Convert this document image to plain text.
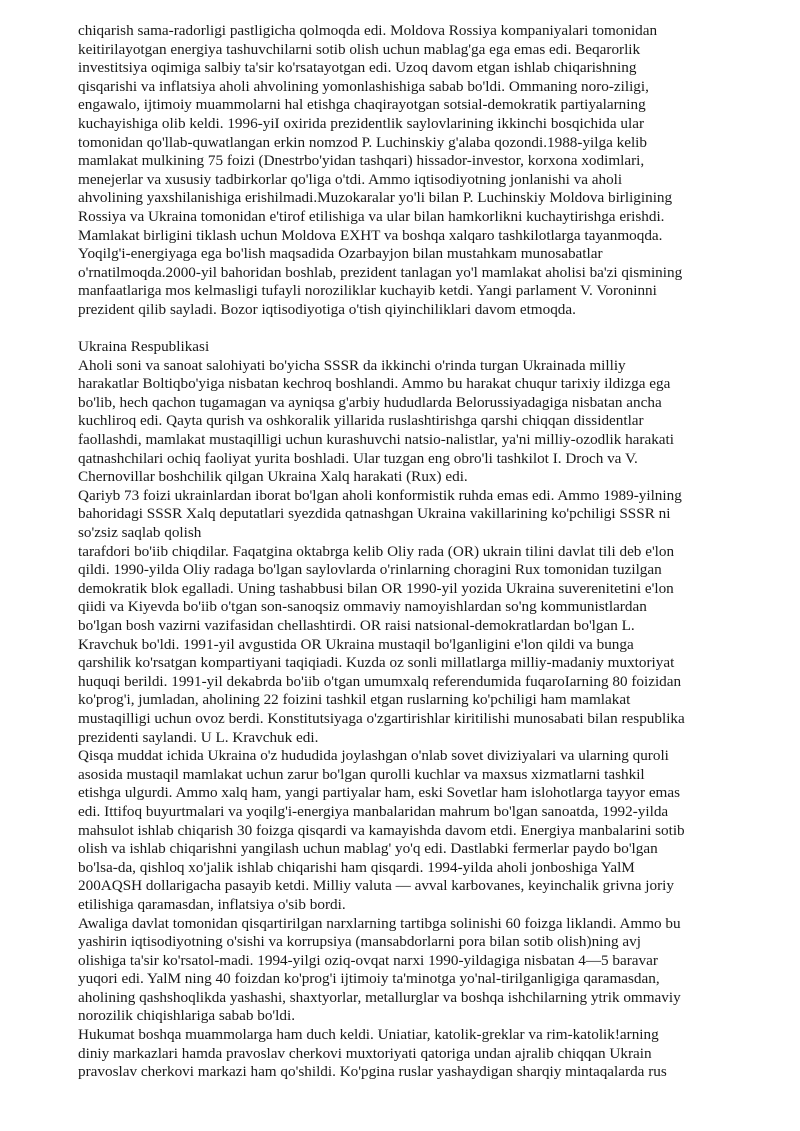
chiqarish sama-radorligi pastligicha qolmoqda edi. Moldova Rossiya kompaniyalari tomonidan
keitirilayotgan energiya tashuvchilarni sotib olish uchun mablag'ga ega emas edi. Beqarorlik
investitsiya oqimiga salbiy ta'sir ko'rsatayotgan edi. Uzoq davom etgan ishlab chiqarishning
qisqarishi va inflatsiya aholi ahvolining yomonlashishiga sabab bo'ldi. Ommaning noro-ziligi,
engawalo, ijtimoiy muammolarni hal etishga chaqirayotgan sotsial-demokratik partiyalarning
kuchayishiga olib keldi. 1996-yiI oxirida prezidentlik saylovlarining ikkinchi bosqichida ular
tomonidan qo'llab-quwatlangan erkin nomzod P. Luchinskiy g'alaba qozondi.1988-yilga kelib
mamlakat mulkining 75 foizi (Dnestrbo'yidan tashqari) hissador-investor, korxona xodimlari,
menejerlar va xususiy tadbirkorlar qo'liga o'tdi. Ammo iqtisodiyotning jonlanishi va aholi
ahvolining yaxshilanishiga erishilmadi.Muzokaralar yo'li bilan P. Luchinskiy Moldova birligining
Rossiya va Ukraina tomonidan e'tirof etilishiga va ular bilan hamkorlikni kuchaytirishga erishdi.
Mamlakat birligini tiklash uchun Moldova EXHT va boshqa xalqaro tashkilotlarga tayanmoqda.
Yoqilg'i-energiyaga ega bo'lish maqsadida Ozarbayjon bilan mustahkam munosabatlar
o'rnatilmoqda.2000-yil bahoridan boshlab, prezident tanlagan yo'l mamlakat aholisi ba'zi qismining
manfaatlariga mos kelmasligi tufayli noroziliklar kuchayib ketdi. Yangi parlament V. Voroninni
prezident qilib sayladi. Bozor iqtisodiyotiga o'tish qiyinchiliklari davom etmoqda.
Ukraina Respublikasi
Aholi soni va sanoat salohiyati bo'yicha SSSR da ikkinchi o'rinda turgan Ukrainada milliy
harakatlar Boltiqbo'yiga nisbatan kechroq boshlandi. Ammo bu harakat chuqur tarixiy ildizga ega
bo'lib, hech qachon tugamagan va ayniqsa g'arbiy hududlarda Belorussiyadagiga nisbatan ancha
kuchliroq edi. Qayta qurish va oshkoralik yillarida ruslashtirishga qarshi chiqqan dissidentlar
faollashdi, mamlakat mustaqilligi uchun kurashuvchi natsio-nalistlar, ya'ni milliy-ozodlik harakati
qatnashchilari ochiq faoliyat yurita boshladi. Ular tuzgan eng obro'li tashkilot I. Droch va V.
Chernovillar boshchilik qilgan Ukraina Xalq harakati (Rux) edi.
Qariyb 73 foizi ukrainlardan iborat bo'lgan aholi konformistik ruhda emas edi. Ammo 1989-yilning
bahoridagi SSSR Xalq deputatlari syezdida qatnashgan Ukraina vakillarining ko'pchiligi SSSR ni
so'zsiz saqlab qolish
tarafdori bo'iib chiqdilar. Faqatgina oktabrga kelib Oliy rada (OR) ukrain tilini davlat tili deb e'lon
qildi. 1990-yilda Oliy radaga bo'lgan saylovlarda o'rinlarning choragini Rux tomonidan tuzilgan
demokratik blok egalladi. Uning tashabbusi bilan OR 1990-yil yozida Ukraina suverenitetini e'lon
qiidi va Kiyevda bo'iib o'tgan son-sanoqsiz ommaviy namoyishlardan so'ng kommunistlardan
bo'lgan bosh vazirni vazifasidan chellashtirdi. OR raisi natsional-demokratlardan bo'lgan L.
Kravchuk bo'ldi. 1991-yil avgustida OR Ukraina mustaqil bo'lganligini e'lon qildi va bunga
qarshilik ko'rsatgan kompartiyani taqiqiadi. Kuzda oz sonli millatlarga milliy-madaniy muxtoriyat
huquqi berildi. 1991-yil dekabrda bo'iib o'tgan umumxalq referendumida fuqaroIarning 80 foizidan
ko'prog'i, jumladan, aholining 22 foizini tashkil etgan ruslarning ko'pchiligi ham mamlakat
mustaqilligi uchun ovoz berdi. Konstitutsiyaga o'zgartirishlar kiritilishi munosabati bilan respublika
prezidenti saylandi. U L. Kravchuk edi.
Qisqa muddat ichida Ukraina o'z hududida joylashgan o'nlab sovet diviziyalari va ularning quroli
asosida mustaqil mamlakat uchun zarur bo'lgan qurolli kuchlar va maxsus xizmatlarni tashkil
etishga ulgurdi. Ammo xalq ham, yangi partiyalar ham, eski Sovetlar ham islohotlarga tayyor emas
edi. Ittifoq buyurtmalari va yoqilg'i-energiya manbalaridan mahrum bo'lgan sanoatda, 1992-yilda
mahsulot ishlab chiqarish 30 foizga qisqardi va kamayishda davom etdi. Energiya manbalarini sotib
olish va ishlab chiqarishni yangilash uchun mablag' yo'q edi. Dastlabki fermerlar paydo bo'lgan
bo'lsa-da, qishloq xo'jalik ishlab chiqarishi ham qisqardi. 1994-yilda aholi jonboshiga YalM
200AQSH dollarigacha pasayib ketdi. Milliy valuta — avval karbovanes, keyinchalik grivna joriy
etilishiga qaramasdan, inflatsiya o'sib bordi.
Awaliga davlat tomonidan qisqartirilgan narxlarning tartibga solinishi 60 foizga liklandi. Ammo bu
yashirin iqtisodiyotning o'sishi va korrupsiya (mansabdorlarni pora bilan sotib olish)ning avj
olishiga ta'sir ko'rsatol-madi. 1994-yilgi oziq-ovqat narxi 1990-yildagiga nisbatan 4—5 baravar
yuqori edi. YalM ning 40 foizdan ko'prog'i ijtimoiy ta'minotga yo'nal-tirilganligiga qaramasdan,
aholining qashshoqlikda yashashi, shaxtyorlar, metallurglar va boshqa ishchilarning ytrik ommaviy
norozilik chiqishlariga sabab bo'ldi.
Hukumat boshqa muammolarga ham duch keldi. Uniatiar, katolik-greklar va rim-katolik!arning
diniy markazlari hamda pravoslav cherkovi muxtoriyati qatoriga undan ajralib chiqqan Ukrain
pravoslav cherkovi markazi ham qo'shildi. Ko'pgina ruslar yashaydigan sharqiy mintaqalarda rus
